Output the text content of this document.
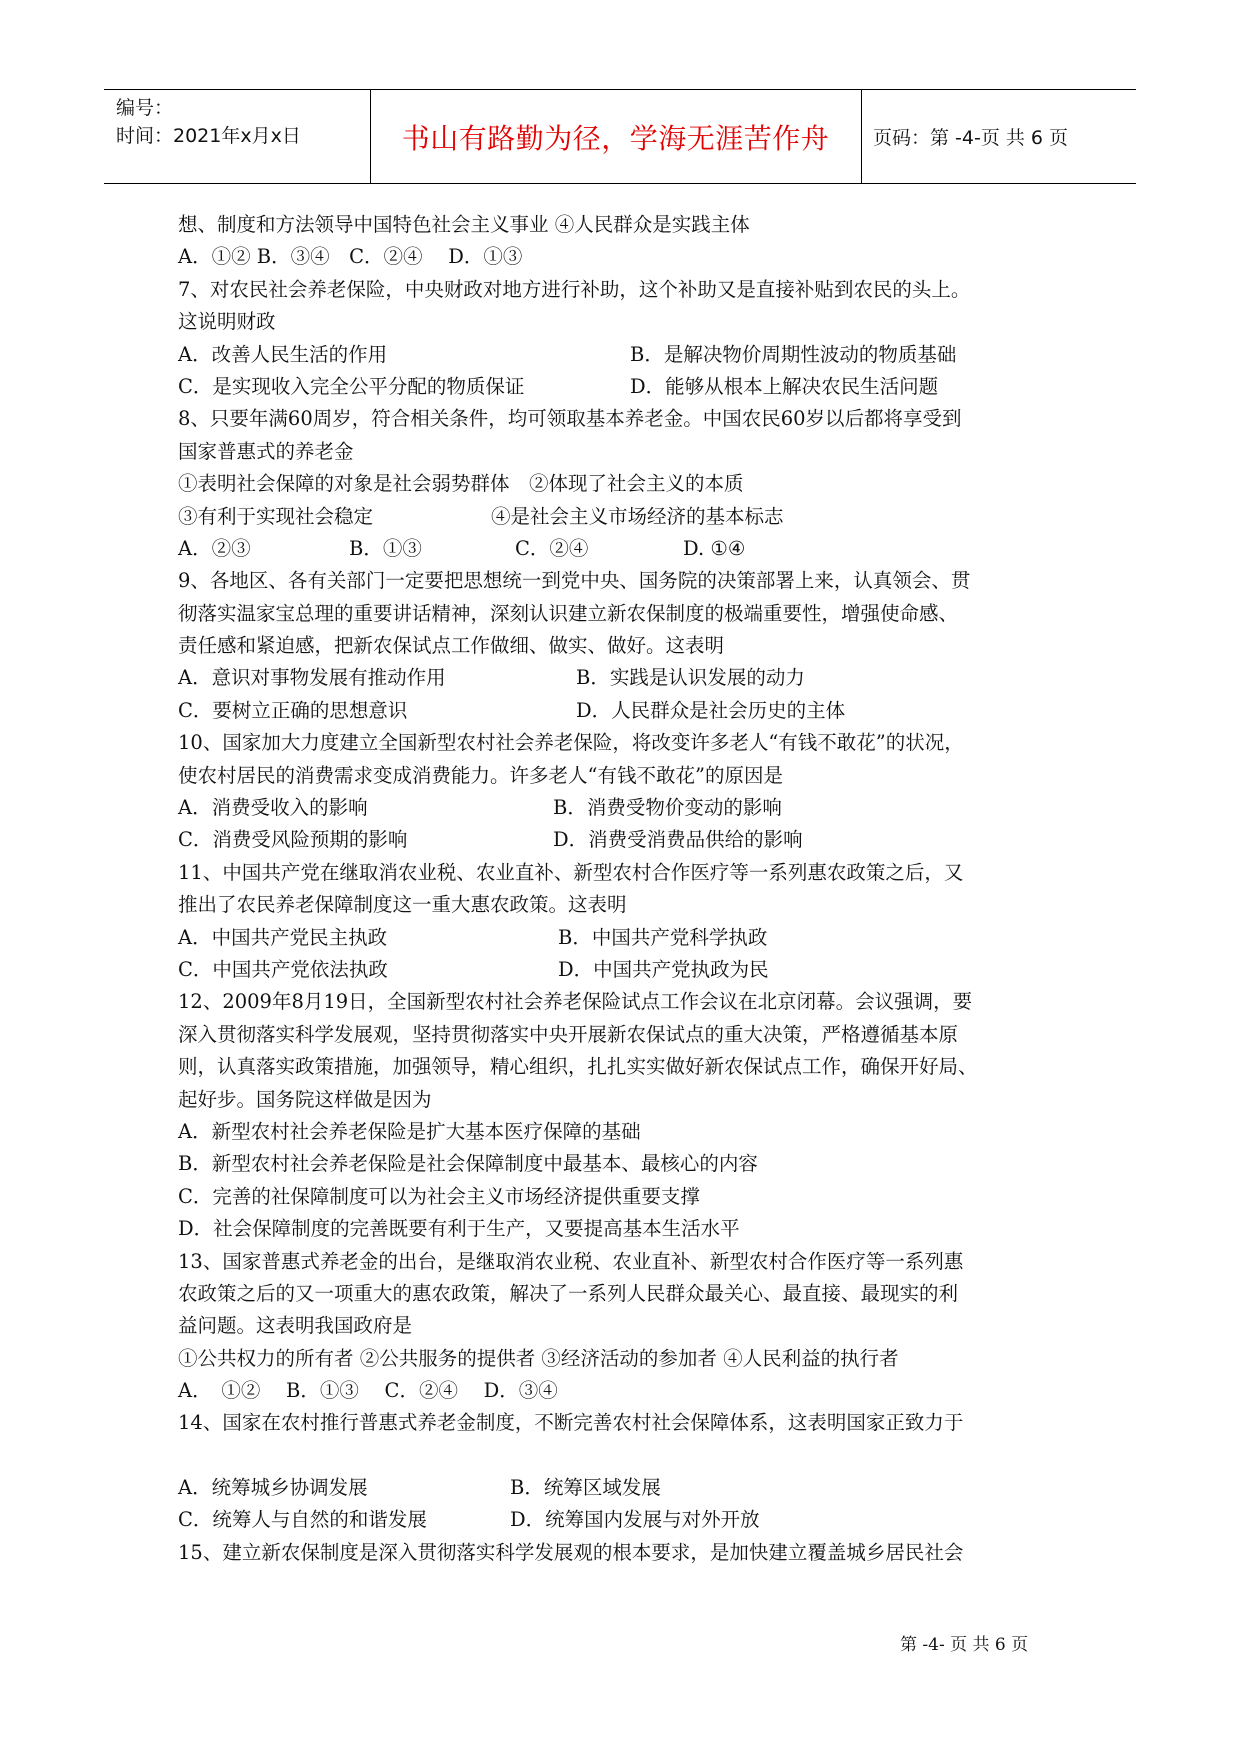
编号：
时间：2021年x月x日	书山有路勤为径，学海无涯苦作舟	页码：第 -4-页 共 6 页
想、制度和方法领导中国特色社会主义事业 ④人民群众是实践主体
A．①② B．③④　C．②④　 D．①③
7、对农民社会养老保险，中央财政对地方进行补助，这个补助又是直接补贴到农民的头上。
这说明财政
A．改善人民生活的作用	B．是解决物价周期性波动的物质基础
C．是实现收入完全公平分配的物质保证	D．能够从根本上解决农民生活问题
8、只要年满60周岁，符合相关条件，均可领取基本养老金。中国农民60岁以后都将享受到
国家普惠式的养老金
①表明社会保障的对象是社会弱势群体　②体现了社会主义的本质
③有利于实现社会稳定	④是社会主义市场经济的基本标志
A．②③	B．①③	C．②④	D. ①④
9、各地区、各有关部门一定要把思想统一到党中央、国务院的决策部署上来，认真领会、贯
彻落实温家宝总理的重要讲话精神，深刻认识建立新农保制度的极端重要性，增强使命感、
责任感和紧迫感，把新农保试点工作做细、做实、做好。这表明
A．意识对事物发展有推动作用	B．实践是认识发展的动力
C．要树立正确的思想意识	D．人民群众是社会历史的主体
10、国家加大力度建立全国新型农村社会养老保险，将改变许多老人“有钱不敢花”的状况，
使农村居民的消费需求变成消费能力。许多老人“有钱不敢花”的原因是
A．消费受收入的影响	B．消费受物价变动的影响
C．消费受风险预期的影响	D．消费受消费品供给的影响
11、中国共产党在继取消农业税、农业直补、新型农村合作医疗等一系列惠农政策之后，又
推出了农民养老保障制度这一重大惠农政策。这表明
A．中国共产党民主执政	B．中国共产党科学执政
C．中国共产党依法执政	D．中国共产党执政为民
12、2009年8月19日，全国新型农村社会养老保险试点工作会议在北京闭幕。会议强调，要
深入贯彻落实科学发展观，坚持贯彻落实中央开展新农保试点的重大决策，严格遵循基本原
则，认真落实政策措施，加强领导，精心组织，扎扎实实做好新农保试点工作，确保开好局、
起好步。国务院这样做是因为
A．新型农村社会养老保险是扩大基本医疗保障的基础
B．新型农村社会养老保险是社会保障制度中最基本、最核心的内容
C．完善的社保障制度可以为社会主义市场经济提供重要支撑
D．社会保障制度的完善既要有利于生产，又要提高基本生活水平
13、国家普惠式养老金的出台，是继取消农业税、农业直补、新型农村合作医疗等一系列惠
农政策之后的又一项重大的惠农政策，解决了一系列人民群众最关心、最直接、最现实的利
益问题。这表明我国政府是
①公共权力的所有者 ②公共服务的提供者 ③经济活动的参加者 ④人民利益的执行者
A．　①②　 B．①③　 C．②④　 D．③④
14、国家在农村推行普惠式养老金制度，不断完善农村社会保障体系，这表明国家正致力于
A．统筹城乡协调发展	B．统筹区域发展
C．统筹人与自然的和谐发展	D．统筹国内发展与对外开放
15、建立新农保制度是深入贯彻落实科学发展观的根本要求，是加快建立覆盖城乡居民社会
第 -4- 页 共 6 页
